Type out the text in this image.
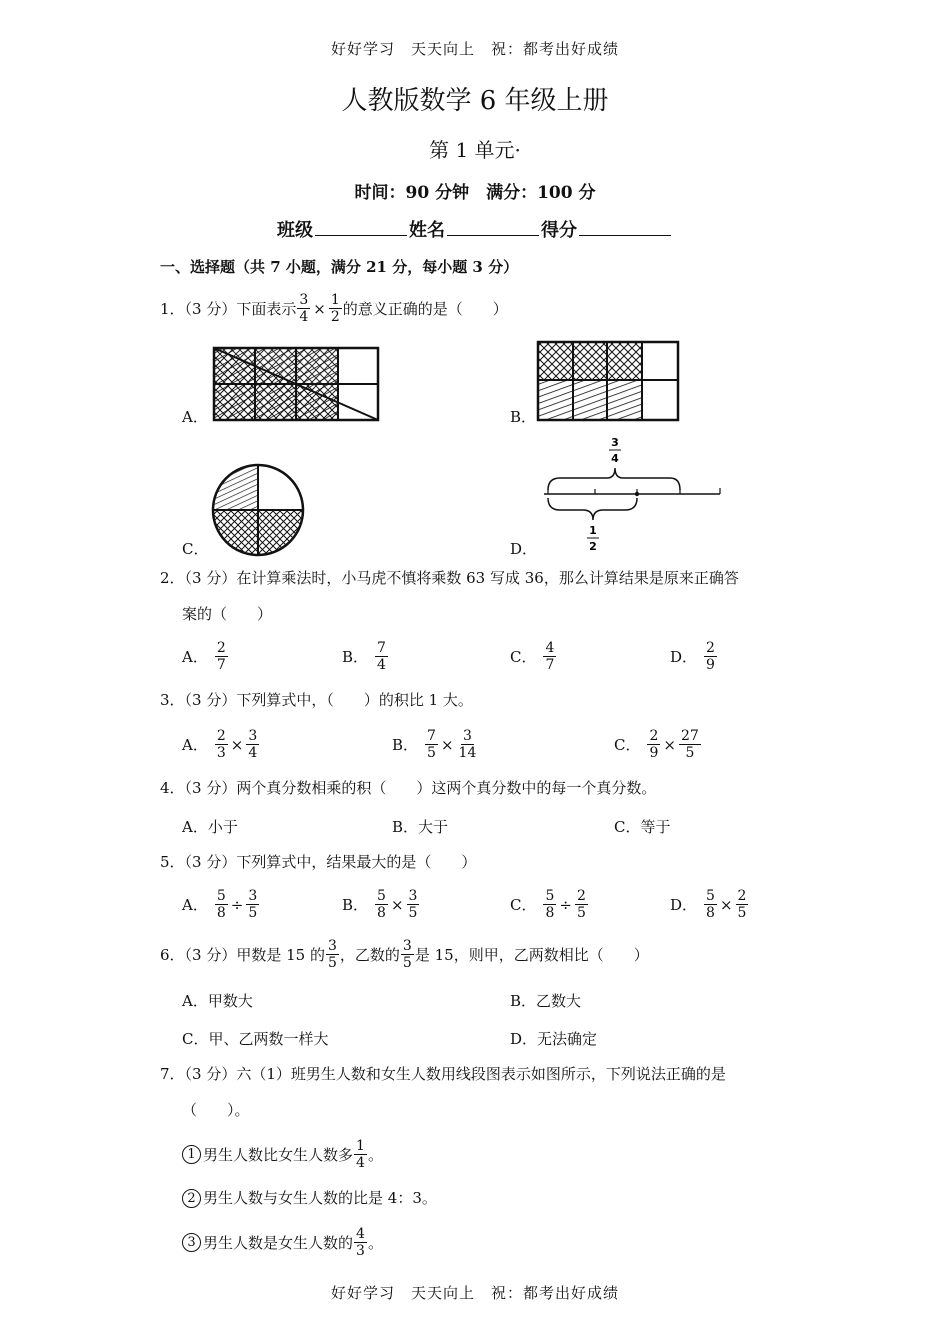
好好学习　天天向上　祝：都考出好成绩
人教版数学 6 年级上册
第 1 单元·
时间：90 分钟　满分：100 分
班级	姓名	得分
一、选择题（共 7 小题，满分 21 分，每小题 3 分）
1．（3 分）下面表示 $\frac{3}{4} \times \frac{1}{2}$ 的意义正确的是（　　）
A．	B．
C．	D．
3
4
1
2
2．（3 分）在计算乘法时，小马虎不慎将乘数 63 写成 36，那么计算结果是原来正确答
案的（　　）
A． $\frac{2}{7}$	B． $\frac{7}{4}$	C． $\frac{4}{7}$	D． $\frac{2}{9}$
3．（3 分）下列算式中，（　　）的积比 1 大。
A． $\frac{2}{3} \times \frac{3}{4}$	B． $\frac{7}{5} \times \frac{3}{14}$	C． $\frac{2}{9} \times \frac{27}{5}$
4．（3 分）两个真分数相乘的积（　　）这两个真分数中的每一个真分数。
A．小于	B．大于	C．等于
5．（3 分）下列算式中，结果最大的是（　　）
A． $\frac{5}{8} \div \frac{3}{5}$	B． $\frac{5}{8} \times \frac{3}{5}$	C． $\frac{5}{8} \div \frac{2}{5}$	D． $\frac{5}{8} \times \frac{2}{5}$
6．（3 分）甲数是 15 的 $\frac{3}{5}$ ，乙数的 $\frac{3}{5}$ 是 15，则甲，乙两数相比（　　）
A．甲数大	B．乙数大
C．甲、乙两数一样大	D．无法确定
7．（3 分）六（1）班男生人数和女生人数用线段图表示如图所示，下列说法正确的是
（　　）。
1 男生人数比女生人数多 $\frac{1}{4}$ 。
2 男生人数与女生人数的比是 4：3。
3 男生人数是女生人数的 $\frac{4}{3}$ 。
好好学习　天天向上　祝：都考出好成绩
